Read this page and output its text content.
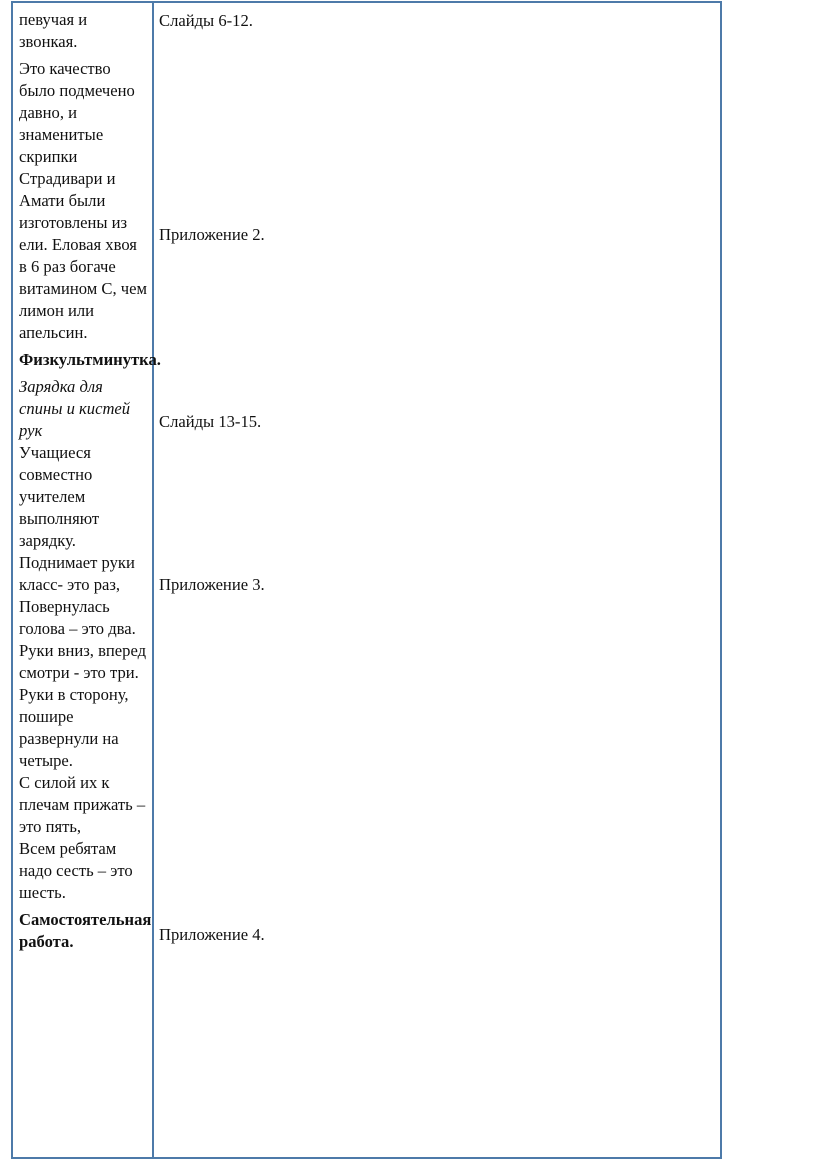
певучая и звонкая.

Это качество было подмечено давно, и знаменитые скрипки Страдивари и Амати были изготовлены из ели. Еловая хвоя в 6 раз богаче витамином С, чем лимон или апельсин.

Физкультминутка.

Зарядка для спины и кистей рук

Учащиеся совместно учителем выполняют зарядку.

Поднимает руки класс- это раз,

Повернулась голова – это два.

Руки вниз, вперед смотри - это три.

Руки в сторону, пошире развернули на четыре.

С силой их к плечам прижать – это пять,

Всем ребятам надо сесть – это шесть.

Самостоятельная работа.

Слайды 6-12.
Приложение 2.
Слайды 13-15.
Приложение 3.
Приложение 4.
